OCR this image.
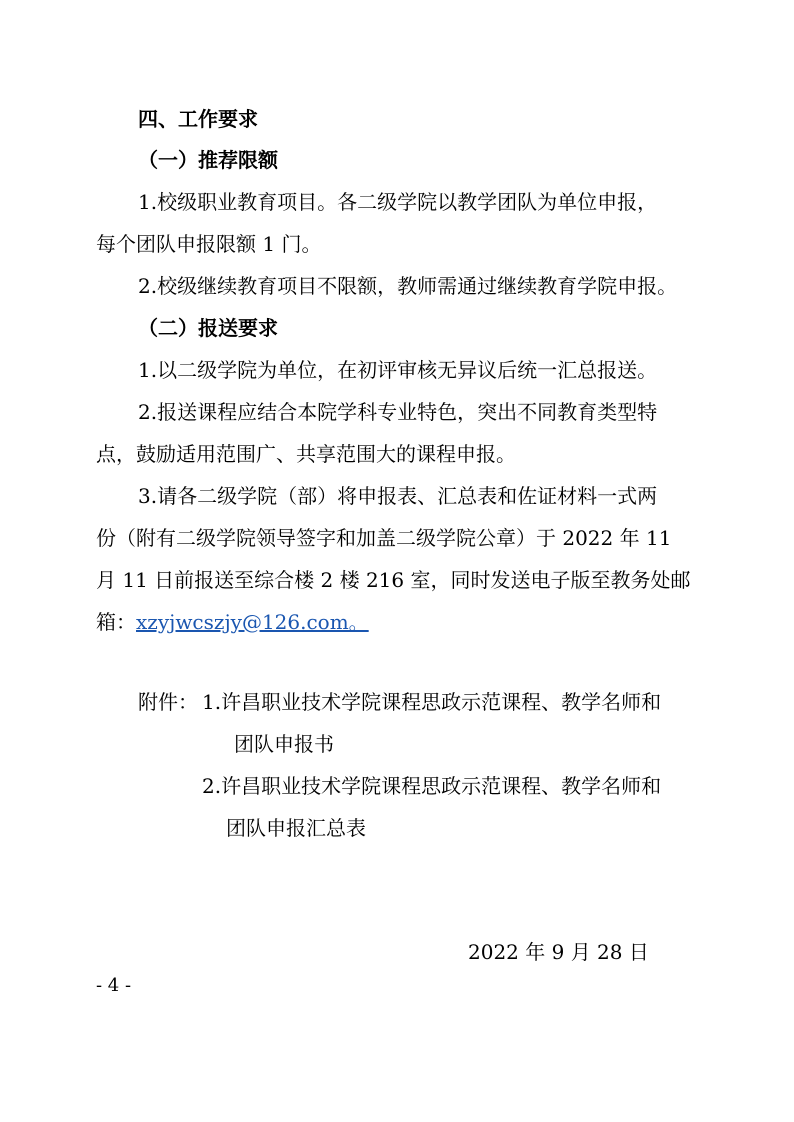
四、工作要求
（一）推荐限额
1.校级职业教育项目。各二级学院以教学团队为单位申报，
每个团队申报限额 1 门。
2.校级继续教育项目不限额，教师需通过继续教育学院申报。
（二）报送要求
1.以二级学院为单位，在初评审核无异议后统一汇总报送。
2.报送课程应结合本院学科专业特色，突出不同教育类型特
点，鼓励适用范围广、共享范围大的课程申报。
3.请各二级学院（部）将申报表、汇总表和佐证材料一式两
份（附有二级学院领导签字和加盖二级学院公章）于 2022 年 11
月 11 日前报送至综合楼 2 楼 216 室，同时发送电子版至教务处邮
箱：xzyjwcszjy@126.com。
附件： 1.许昌职业技术学院课程思政示范课程、教学名师和
团队申报书
2.许昌职业技术学院课程思政示范课程、教学名师和
团队申报汇总表
2022 年 9 月 28 日
- 4 -
